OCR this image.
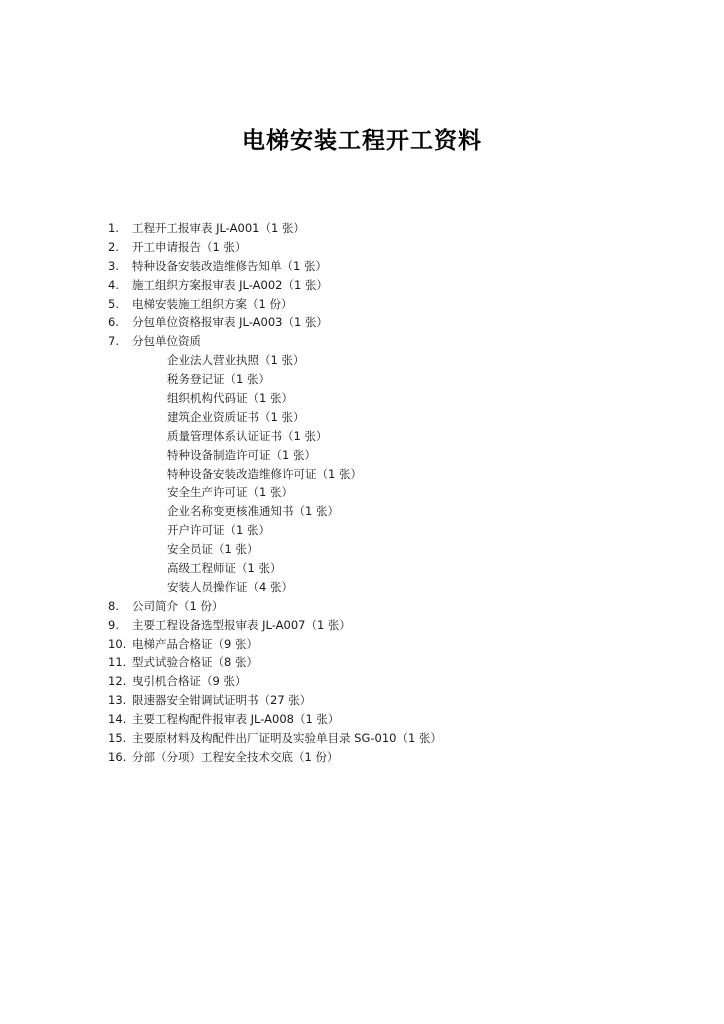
电梯安装工程开工资料
1. 工程开工报审表 JL-A001（1 张）
2. 开工申请报告（1 张）
3. 特种设备安装改造维修告知单（1 张）
4. 施工组织方案报审表 JL-A002（1 张）
5. 电梯安装施工组织方案（1 份）
6. 分包单位资格报审表 JL-A003（1 张）
7. 分包单位资质
企业法人营业执照（1 张）
税务登记证（1 张）
组织机构代码证（1 张）
建筑企业资质证书（1 张）
质量管理体系认证证书（1 张）
特种设备制造许可证（1 张）
特种设备安装改造维修许可证（1 张）
安全生产许可证（1 张）
企业名称变更核准通知书（1 张）
开户许可证（1 张）
安全员证（1 张）
高级工程师证（1 张）
安装人员操作证（4 张）
8. 公司简介（1 份）
9. 主要工程设备选型报审表 JL-A007（1 张）
10. 电梯产品合格证（9 张）
11. 型式试验合格证（8 张）
12. 曳引机合格证（9 张）
13. 限速器安全钳调试证明书（27 张）
14. 主要工程构配件报审表 JL-A008（1 张）
15. 主要原材料及构配件出厂证明及实验单目录 SG-010（1 张）
16. 分部（分项）工程安全技术交底（1 份）
